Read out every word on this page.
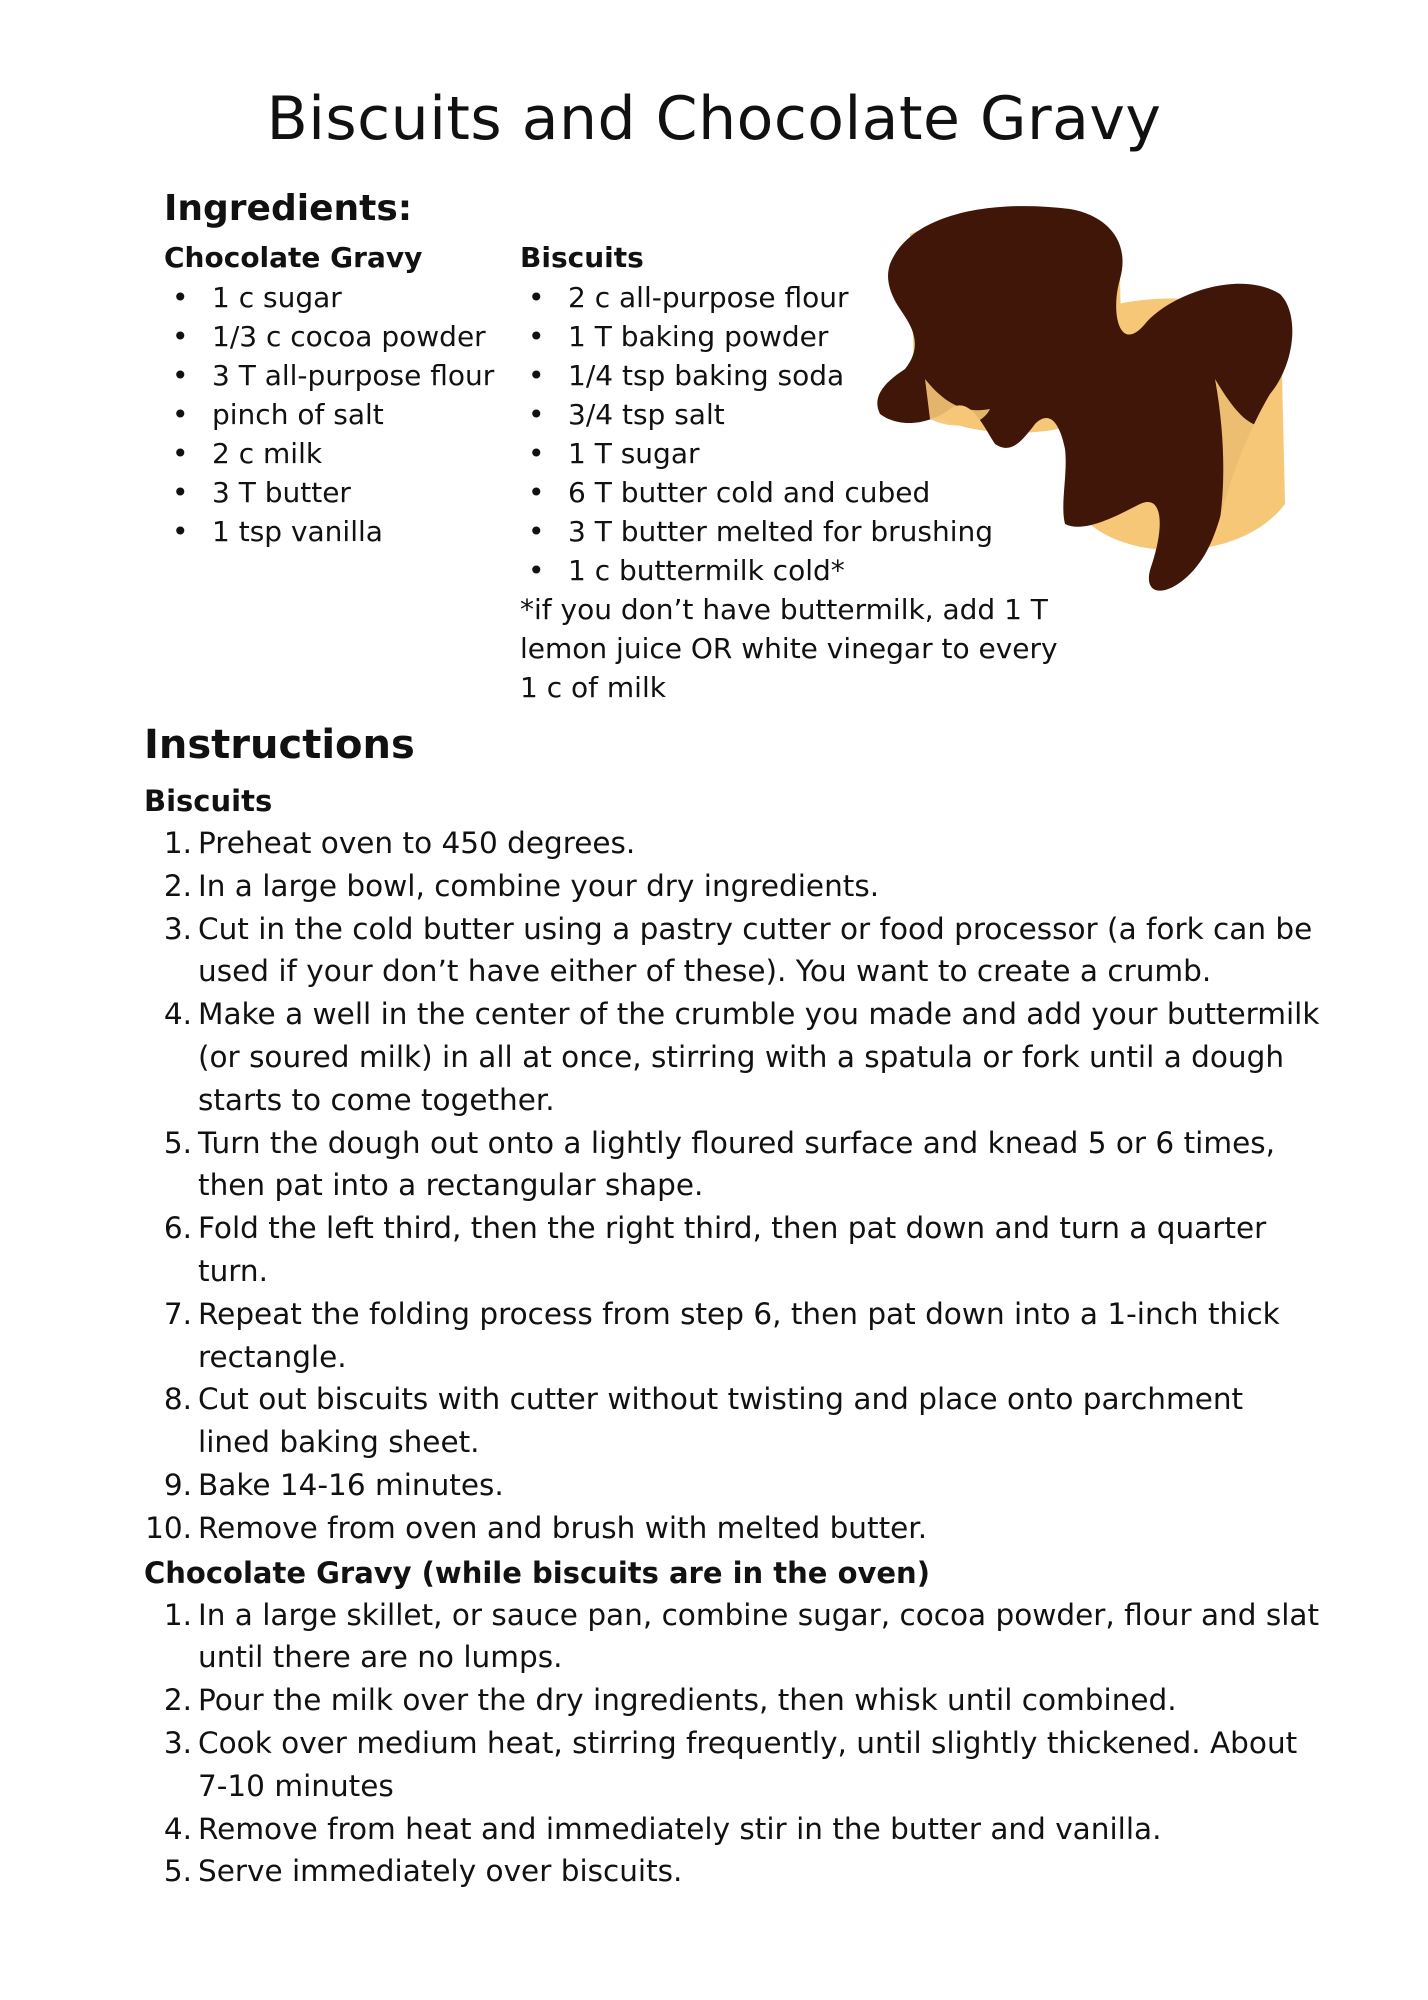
Biscuits and Chocolate Gravy
Ingredients:

Chocolate Gravy

• 1 c sugar
• 1/3 c cocoa powder
• 3 T all-purpose flour
• pinch of salt
• 2 c milk
• 3 T butter
• 1 tsp vanilla

Biscuits

• 2 c all-purpose flour
• 1 T baking powder
• 1/4 tsp baking soda
• 3/4 tsp salt
• 1 T sugar
• 6 T butter cold and cubed
• 3 T butter melted for brushing
• 1 c buttermilk cold*

*if you don’t have buttermilk, add 1 T lemon juice OR white vinegar to every 1 c of milk

Instructions

Biscuits

1. Preheat oven to 450 degrees.
2. In a large bowl, combine your dry ingredients.
3. Cut in the cold butter using a pastry cutter or food processor (a fork can be used if your don’t have either of these). You want to create a crumb.
4. Make a well in the center of the crumble you made and add your buttermilk (or soured milk) in all at once, stirring with a spatula or fork until a dough starts to come together.
5. Turn the dough out onto a lightly floured surface and knead 5 or 6 times, then pat into a rectangular shape.
6. Fold the left third, then the right third, then pat down and turn a quarter turn.
7. Repeat the folding process from step 6, then pat down into a 1-inch thick rectangle.
8. Cut out biscuits with cutter without twisting and place onto parchment lined baking sheet.
9. Bake 14-16 minutes.
10. Remove from oven and brush with melted butter.

Chocolate Gravy (while biscuits are in the oven)

1. In a large skillet, or sauce pan, combine sugar, cocoa powder, flour and slat until there are no lumps.
2. Pour the milk over the dry ingredients, then whisk until combined.
3. Cook over medium heat, stirring frequently, until slightly thickened. About 7-10 minutes
4. Remove from heat and immediately stir in the butter and vanilla.
5. Serve immediately over biscuits.
